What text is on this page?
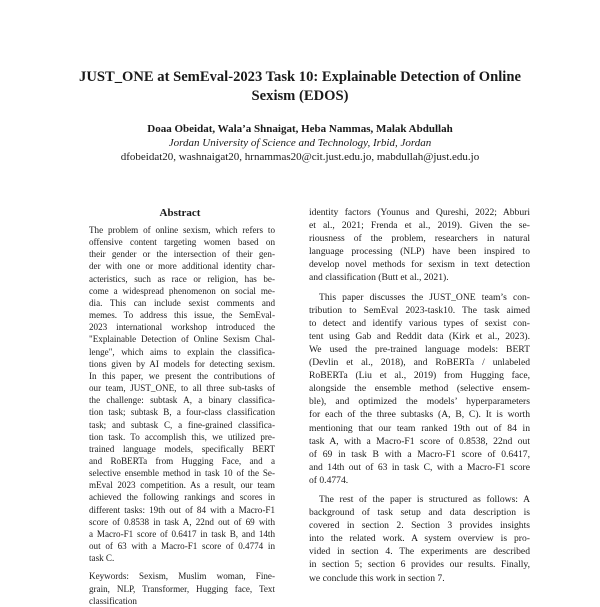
JUST_ONE at SemEval-2023 Task 10: Explainable Detection of Online
Sexism (EDOS)
Doaa Obeidat, Wala’a Shnaigat, Heba Nammas, Malak Abdullah
Jordan University of Science and Technology, Irbid, Jordan
dfobeidat20, washnaigat20, hrnammas20@cit.just.edu.jo, mabdullah@just.edu.jo
Abstract
The problem of online sexism, which refers to
offensive content targeting women based on
their gender or the intersection of their gen-
der with one or more additional identity char-
acteristics, such as race or religion, has be-
come a widespread phenomenon on social me-
dia. This can include sexist comments and
memes. To address this issue, the SemEval-
2023 international workshop introduced the
"Explainable Detection of Online Sexism Chal-
lenge", which aims to explain the classifica-
tions given by AI models for detecting sexism.
In this paper, we present the contributions of
our team, JUST_ONE, to all three sub-tasks of
the challenge: subtask A, a binary classifica-
tion task; subtask B, a four-class classification
task; and subtask C, a fine-grained classifica-
tion task. To accomplish this, we utilized pre-
trained language models, specifically BERT
and RoBERTa from Hugging Face, and a
selective ensemble method in task 10 of the Se-
mEval 2023 competition. As a result, our team
achieved the following rankings and scores in
different tasks: 19th out of 84 with a Macro-F1
score of 0.8538 in task A, 22nd out of 69 with
a Macro-F1 score of 0.6417 in task B, and 14th
out of 63 with a Macro-F1 score of 0.4774 in
task C.
Keywords: Sexism, Muslim woman, Fine-
grain, NLP, Transformer, Hugging face, Text
classification
identity factors (Younus and Qureshi, 2022; Abburi
et al., 2021; Frenda et al., 2019). Given the se-
riousness of the problem, researchers in natural
language processing (NLP) have been inspired to
develop novel methods for sexism in text detection
and classification (Butt et al., 2021).
This paper discusses the JUST_ONE team’s con-
tribution to SemEval 2023-task10. The task aimed
to detect and identify various types of sexist con-
tent using Gab and Reddit data (Kirk et al., 2023).
We used the pre-trained language models: BERT
(Devlin et al., 2018), and RoBERTa / unlabeled
RoBERTa (Liu et al., 2019) from Hugging face,
alongside the ensemble method (selective ensem-
ble), and optimized the models’ hyperparameters
for each of the three subtasks (A, B, C). It is worth
mentioning that our team ranked 19th out of 84 in
task A, with a Macro-F1 score of 0.8538, 22nd out
of 69 in task B with a Macro-F1 score of 0.6417,
and 14th out of 63 in task C, with a Macro-F1 score
of 0.4774.
The rest of the paper is structured as follows: A
background of task setup and data description is
covered in section 2. Section 3 provides insights
into the related work. A system overview is pro-
vided in section 4. The experiments are described
in section 5; section 6 provides our results. Finally,
we conclude this work in section 7.
